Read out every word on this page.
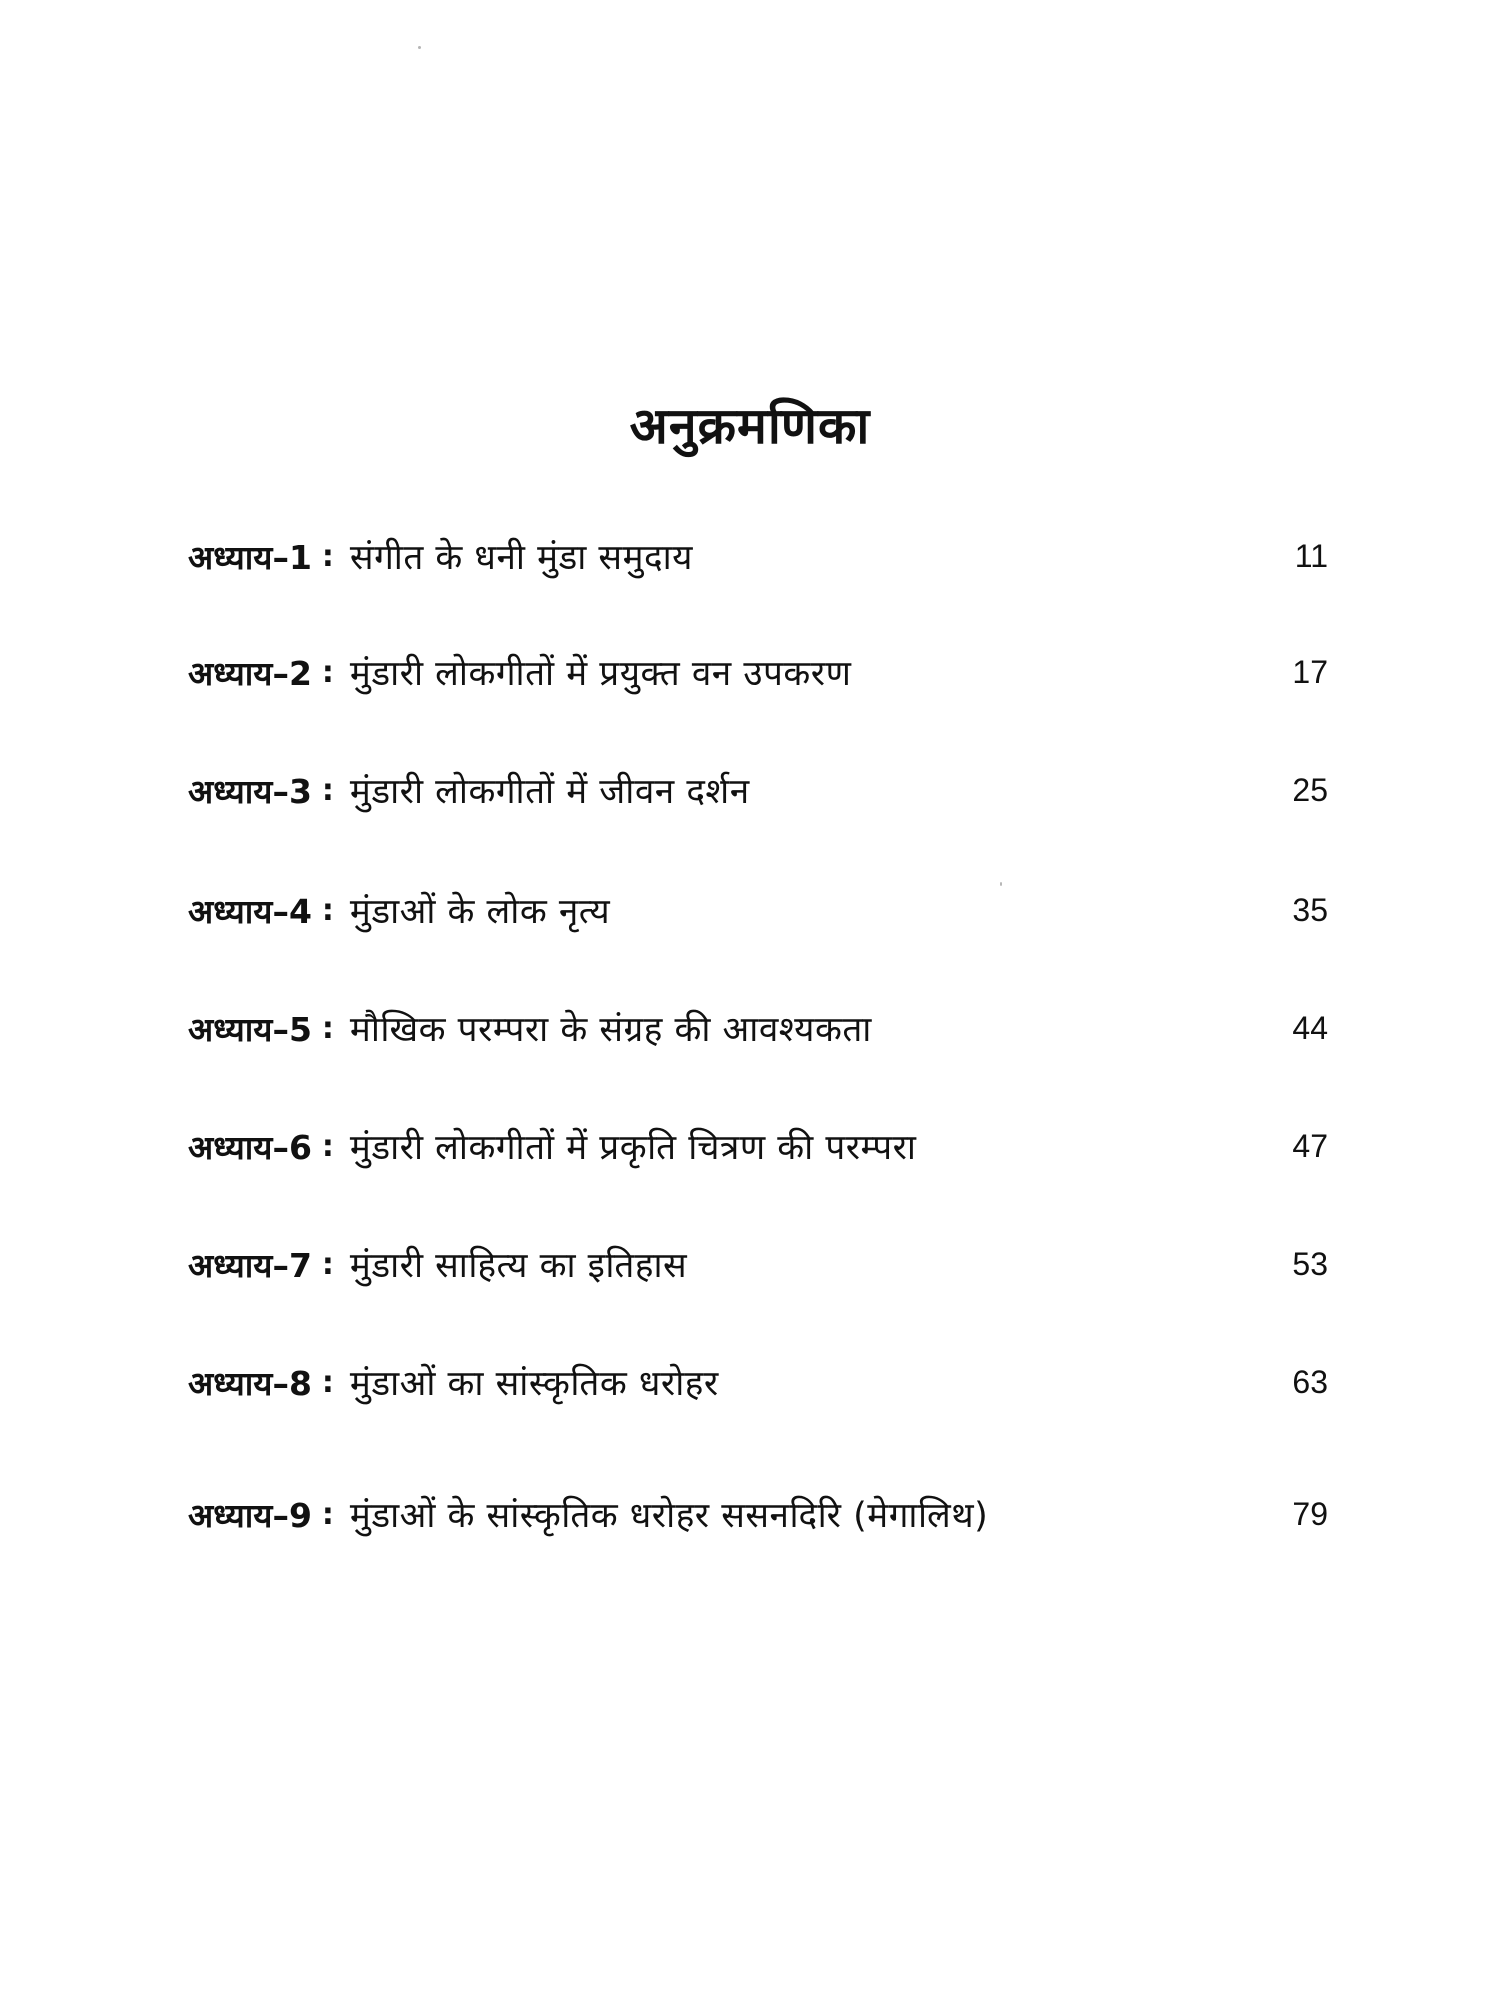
अनुक्रमणिका
अध्याय–1 : संगीत के धनी मुंडा समुदाय	11
अध्याय–2 : मुंडारी लोकगीतों में प्रयुक्त वन उपकरण	17
अध्याय–3 : मुंडारी लोकगीतों में जीवन दर्शन	25
अध्याय–4 : मुंडाओं के लोक नृत्य	35
अध्याय–5 : मौखिक परम्परा के संग्रह की आवश्यकता	44
अध्याय–6 : मुंडारी लोकगीतों में प्रकृति चित्रण की परम्परा	47
अध्याय–7 : मुंडारी साहित्य का इतिहास	53
अध्याय–8 : मुंडाओं का सांस्कृतिक धरोहर	63
अध्याय–9 : मुंडाओं के सांस्कृतिक धरोहर ससनदिरि (मेगालिथ)	79
